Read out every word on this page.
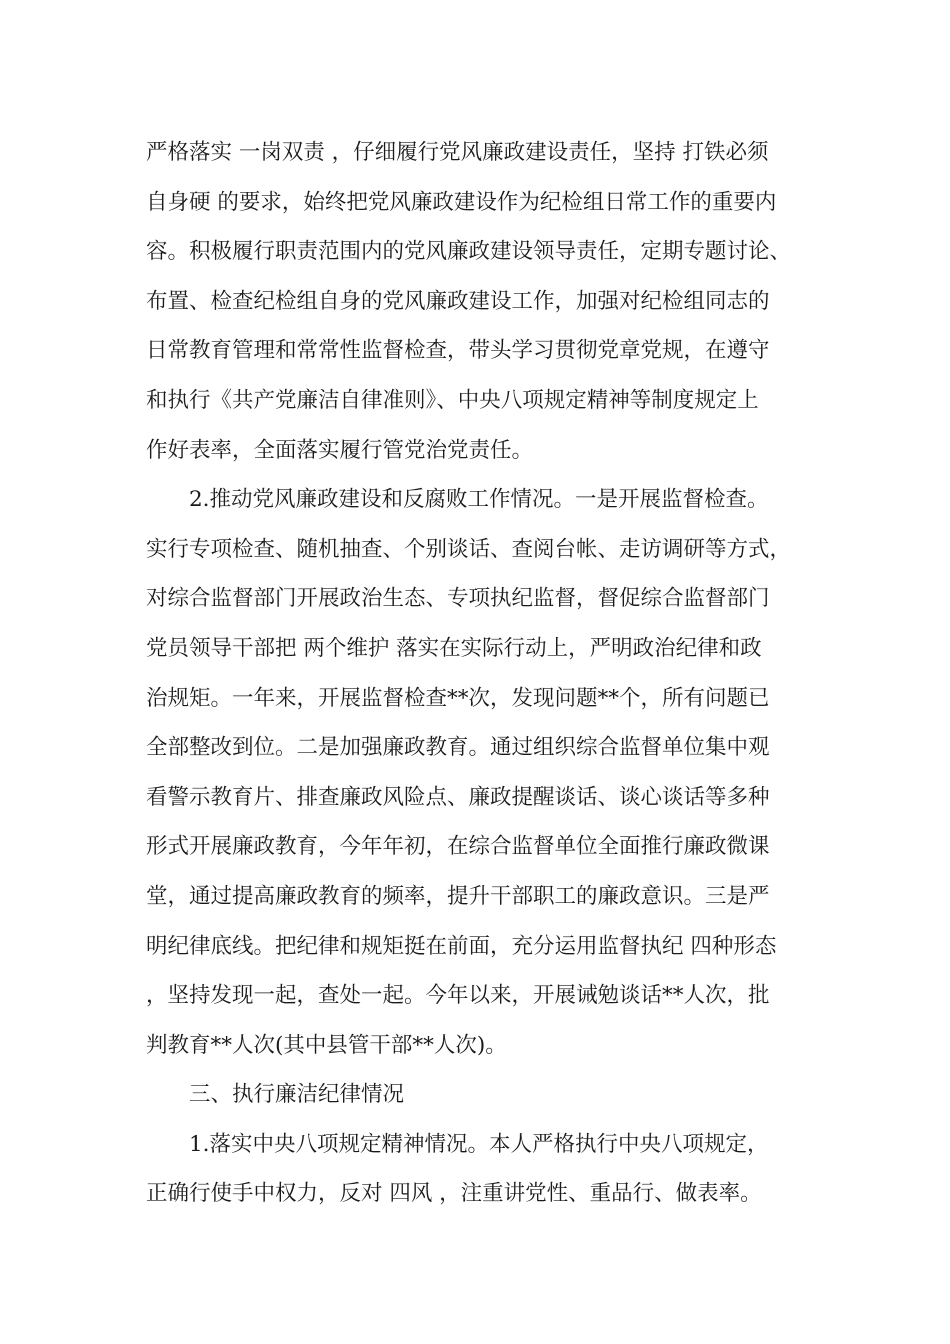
严格落实 一岗双责 ，仔细履行党风廉政建设责任，坚持 打铁必须
自身硬 的要求，始终把党风廉政建设作为纪检组日常工作的重要内
容。积极履行职责范围内的党风廉政建设领导责任，定期专题讨论、
布置、检查纪检组自身的党风廉政建设工作，加强对纪检组同志的
日常教育管理和常常性监督检查，带头学习贯彻党章党规，在遵守
和执行《共产党廉洁自律准则》、中央八项规定精神等制度规定上
作好表率，全面落实履行管党治党责任。
2.推动党风廉政建设和反腐败工作情况。一是开展监督检查。
实行专项检查、随机抽查、个别谈话、查阅台帐、走访调研等方式，
对综合监督部门开展政治生态、专项执纪监督，督促综合监督部门
党员领导干部把 两个维护 落实在实际行动上，严明政治纪律和政
治规矩。一年来，开展监督检查**次，发现问题**个，所有问题已
全部整改到位。二是加强廉政教育。通过组织综合监督单位集中观
看警示教育片、排查廉政风险点、廉政提醒谈话、谈心谈话等多种
形式开展廉政教育，今年年初，在综合监督单位全面推行廉政微课
堂，通过提高廉政教育的频率，提升干部职工的廉政意识。三是严
明纪律底线。把纪律和规矩挺在前面，充分运用监督执纪 四种形态
，坚持发现一起，查处一起。今年以来，开展诫勉谈话**人次，批
判教育**人次(其中县管干部**人次)。
三、执行廉洁纪律情况
1.落实中央八项规定精神情况。本人严格执行中央八项规定，
正确行使手中权力，反对 四风 ，注重讲党性、重品行、做表率。
